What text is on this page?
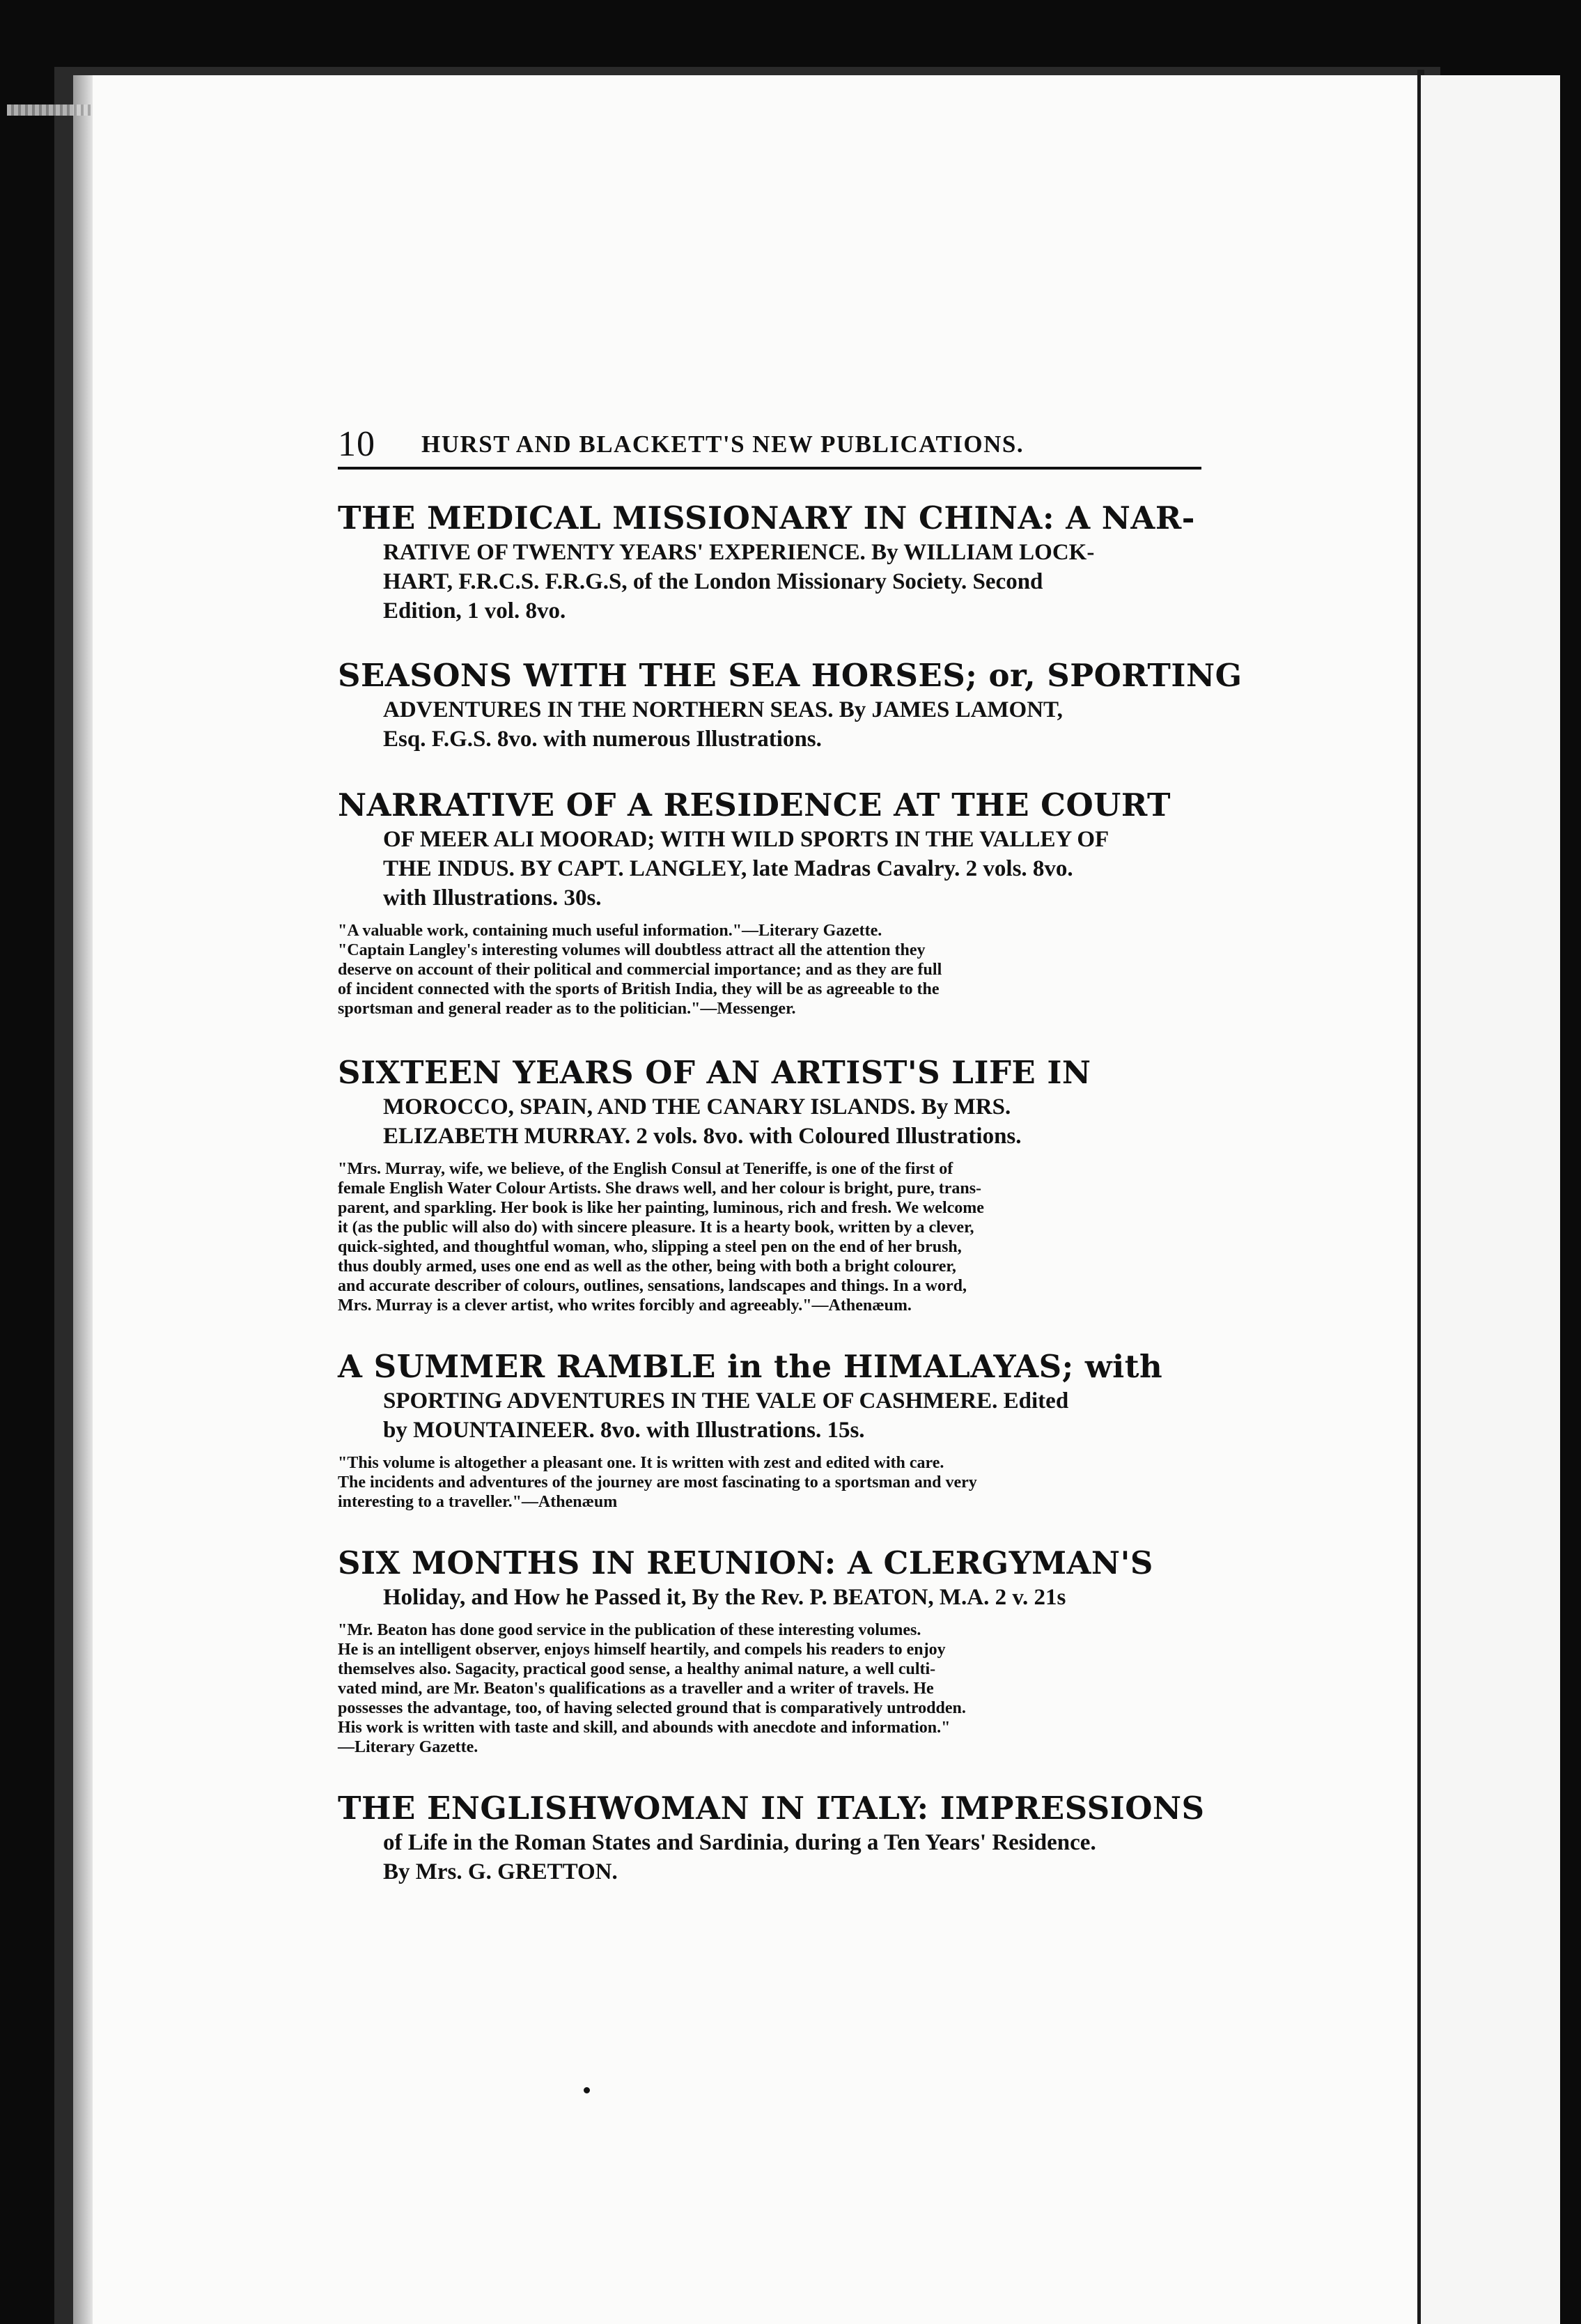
10 HURST AND BLACKETT'S NEW PUBLICATIONS.
THE MEDICAL MISSIONARY IN CHINA: A NAR-
RATIVE OF TWENTY YEARS' EXPERIENCE. By WILLIAM LOCK-
HART, F.R.C.S. F.R.G.S, of the London Missionary Society. Second
Edition, 1 vol. 8vo.
SEASONS WITH THE SEA HORSES; or, SPORTING
ADVENTURES IN THE NORTHERN SEAS. By JAMES LAMONT,
Esq. F.G.S. 8vo. with numerous Illustrations.
NARRATIVE OF A RESIDENCE AT THE COURT
OF MEER ALI MOORAD; WITH WILD SPORTS IN THE VALLEY OF
THE INDUS. BY CAPT. LANGLEY, late Madras Cavalry. 2 vols. 8vo.
with Illustrations. 30s.
"A valuable work, containing much useful information."—Literary Gazette.
"Captain Langley's interesting volumes will doubtless attract all the attention they
deserve on account of their political and commercial importance; and as they are full
of incident connected with the sports of British India, they will be as agreeable to the
sportsman and general reader as to the politician."—Messenger.
SIXTEEN YEARS OF AN ARTIST'S LIFE IN
MOROCCO, SPAIN, AND THE CANARY ISLANDS. By MRS.
ELIZABETH MURRAY. 2 vols. 8vo. with Coloured Illustrations.
"Mrs. Murray, wife, we believe, of the English Consul at Teneriffe, is one of the first of
female English Water Colour Artists. She draws well, and her colour is bright, pure, trans-
parent, and sparkling. Her book is like her painting, luminous, rich and fresh. We welcome
it (as the public will also do) with sincere pleasure. It is a hearty book, written by a clever,
quick-sighted, and thoughtful woman, who, slipping a steel pen on the end of her brush,
thus doubly armed, uses one end as well as the other, being with both a bright colourer,
and accurate describer of colours, outlines, sensations, landscapes and things. In a word,
Mrs. Murray is a clever artist, who writes forcibly and agreeably."—Athenæum.
A SUMMER RAMBLE in the HIMALAYAS; with
SPORTING ADVENTURES IN THE VALE OF CASHMERE. Edited
by MOUNTAINEER. 8vo. with Illustrations. 15s.
"This volume is altogether a pleasant one. It is written with zest and edited with care.
The incidents and adventures of the journey are most fascinating to a sportsman and very
interesting to a traveller."—Athenæum
SIX MONTHS IN REUNION: A CLERGYMAN'S
Holiday, and How he Passed it, By the Rev. P. BEATON, M.A. 2 v. 21s
"Mr. Beaton has done good service in the publication of these interesting volumes.
He is an intelligent observer, enjoys himself heartily, and compels his readers to enjoy
themselves also. Sagacity, practical good sense, a healthy animal nature, a well culti-
vated mind, are Mr. Beaton's qualifications as a traveller and a writer of travels. He
possesses the advantage, too, of having selected ground that is comparatively untrodden.
His work is written with taste and skill, and abounds with anecdote and information."
—Literary Gazette.
THE ENGLISHWOMAN IN ITALY: IMPRESSIONS
of Life in the Roman States and Sardinia, during a Ten Years' Residence.
By Mrs. G. GRETTON.
